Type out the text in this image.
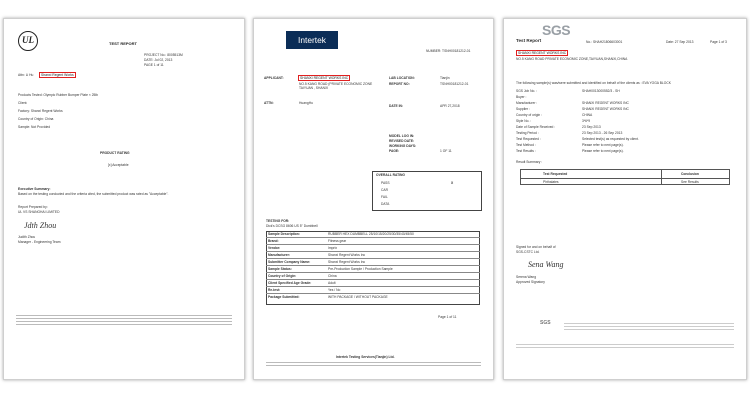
UL	TEST REPORT
PROJECT No.: 8005513M
DATE: Jul 02, 2013
PAGE 1 of 11
Attn: Li Hu Shanxi Regent Works
Products Tested: Olympic Rubber Bumper Plate × 25lb
Client:
Factory: Shanxi Regent Works
Country of Origin: China
Sample: Not Provided
PRODUCT RATING
[x] Acceptable
Executive Summary:
Based on the testing conducted and the criteria cited, the submitted product was rated as "Acceptable".
Report Prepared by:
UL VS SHANGHAI LIMITED
Jdth Zhou
Judith Zhou
Manager - Engineering Team
Intertek
NUMBER: TSNH00181212-01
APPLICANT:	SHANXI REGENT WORKS INC
NO.5 KANG ROAD (PRIVATE ECONOMIC ZONE TAIYUAN , SHANXI
ATTN:	HuangHu
LAB LOCATION:	Tianjin
REPORT NO:	TSNH00181212-01
DATE IN:	APR 27,2018
MODEL LOG IN:
REVISED DATE:
WORKING DAYS:
PAGE:	1 OF 11
OVERALL RATING
PASS	X
CAR
FAIL
DATA
TESTING FOR:
Dick's DCSG 8606 US 5" Dumbbell
Sample Description:	RUBBER HEX DUMBBELL 25/10/15/20/25/30/35/40/45/50
Brand:	Fitness gear
Vendor:	Imprix
Manufacturer:	Shanxi Regent Works Inc
Submitter Company Name:	Shanxi Regent Works Inc
Sample Status:	Pre-Production Sample / Production Sample
Country of Origin:	China
Client Specified Age Grade:	Adult
Re-test:	Yes / No
Package Submitted:	WITH PACKAGE / WITHOUT PACKAGE
Page 1 of 11
Intertek Testing Services(Tianjin) Ltd.
SGS
Test Report	No.: SHAH21806603001	Date: 27 Sep 2013	Page 1 of 3
SHANXI REGENT WORKS INC
NO.5 KANG ROAD PRIVATE ECONOMIC ZONE,TAIYUAN,SHANXI,CHINA
The following sample(s) was/were submitted and identified on behalf of the clients as : EVA YOGA BLOCK
SGS Job No. :	SHAH0013000552/3 - SH
Buyer :
Manufacturer :	SHANXI REGENT WORKS INC
Supplier :	SHANXI REGENT WORKS INC
Country of origin :	CHINA
Style No. :	3*6*9
Date of Sample Received :	23 Sep 2013
Testing Period :	23 Sep 2013 - 26 Sep 2013
Test Requested :	Selected test(s) as requested by client.
Test Method :	Please refer to next page(s).
Test Results :	Please refer to next page(s).
Result Summary :
Test Requested	Conclusion
Phthalates	See Results
Signed for and on behalf of
SGS-CSTC Ltd.
Sena Wang
Serena Wang
Approved Signatory
SGS
